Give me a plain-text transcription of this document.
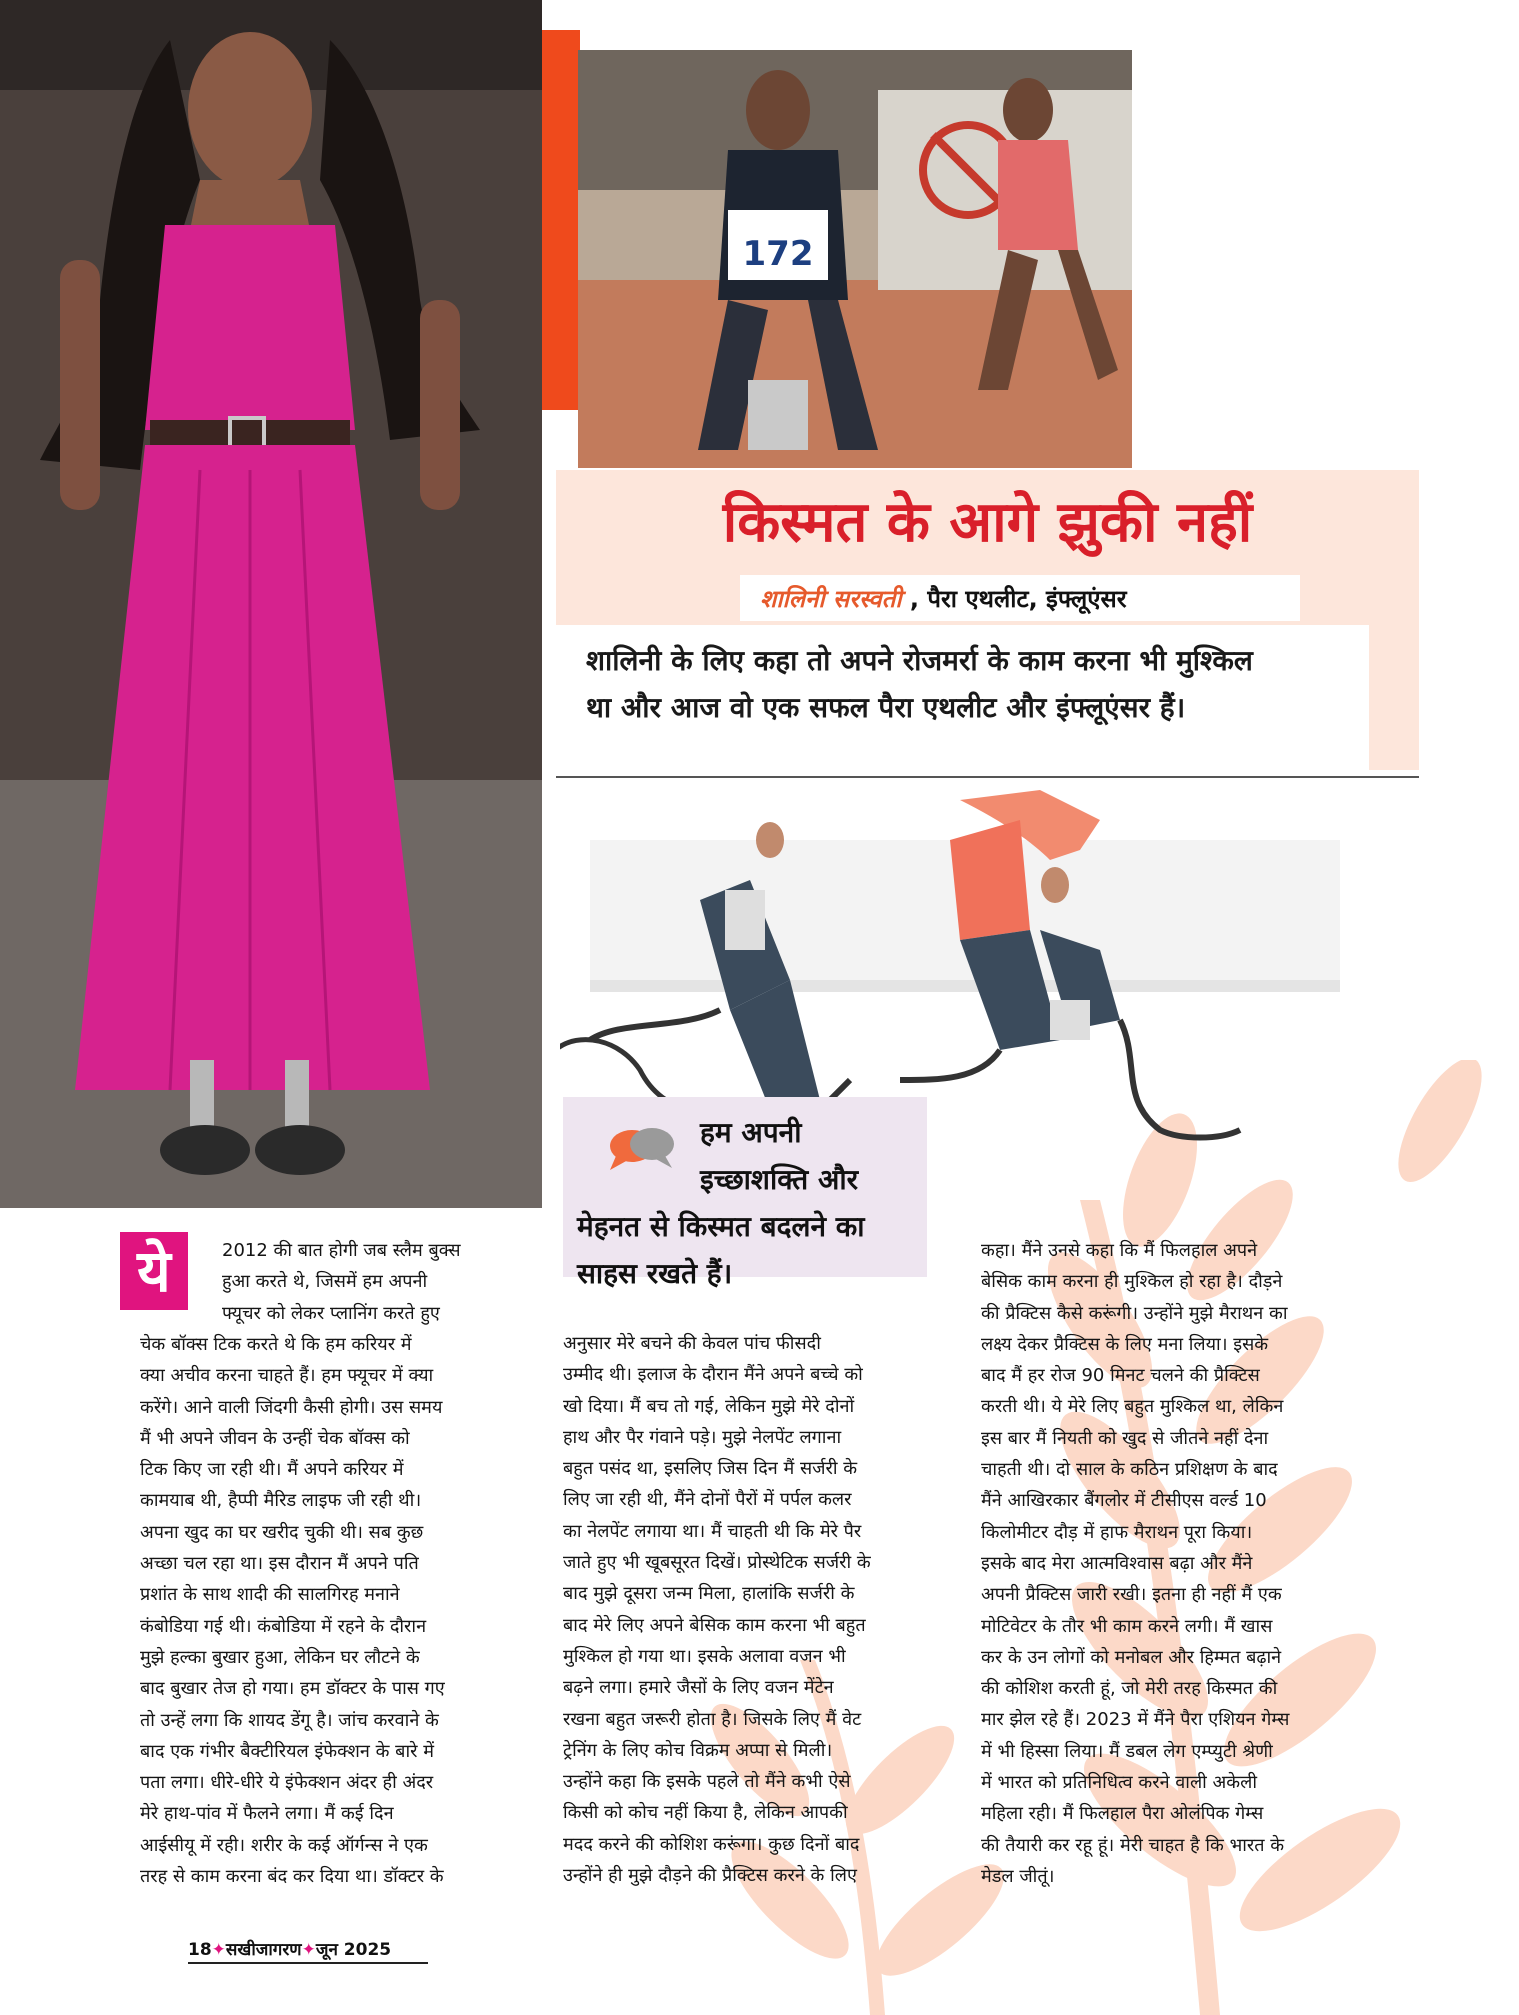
172
किस्मत के आगे झुकी नहीं
शालिनी सरस्वती , पैरा एथलीट, इंफ्लूएंसर
शालिनी के लिए कहा तो अपने रोजमर्रा के काम करना भी मुश्किल
था और आज वो एक सफल पैरा एथलीट और इंफ्लूएंसर हैं।
हम अपनी
इच्छाशक्ति और
मेहनत से किस्मत बदलने का
साहस रखते हैं।
ये	2012 की बात होगी जब स्लैम बुक्स
हुआ करते थे, जिसमें हम अपनी
फ्यूचर को लेकर प्लानिंग करते हुए
चेक बॉक्स टिक करते थे कि हम करियर में
क्या अचीव करना चाहते हैं। हम फ्यूचर में क्या
करेंगे। आने वाली जिंदगी कैसी होगी। उस समय
मैं भी अपने जीवन के उन्हीं चेक बॉक्स को
टिक किए जा रही थी। मैं अपने करियर में
कामयाब थी, हैप्पी मैरिड लाइफ जी रही थी।
अपना खुद का घर खरीद चुकी थी। सब कुछ
अच्छा चल रहा था। इस दौरान मैं अपने पति
प्रशांत के साथ शादी की सालगिरह मनाने
कंबोडिया गई थी। कंबोडिया में रहने के दौरान
मुझे हल्का बुखार हुआ, लेकिन घर लौटने के
बाद बुखार तेज हो गया। हम डॉक्टर के पास गए
तो उन्हें लगा कि शायद डेंगू है। जांच करवाने के
बाद एक गंभीर बैक्टीरियल इंफेक्शन के बारे में
पता लगा। धीरे-धीरे ये इंफेक्शन अंदर ही अंदर
मेरे हाथ-पांव में फैलने लगा। मैं कई दिन
आईसीयू में रही। शरीर के कई ऑर्गन्स ने एक
तरह से काम करना बंद कर दिया था। डॉक्टर के
अनुसार मेरे बचने की केवल पांच फीसदी
उम्मीद थी। इलाज के दौरान मैंने अपने बच्चे को
खो दिया। मैं बच तो गई, लेकिन मुझे मेरे दोनों
हाथ और पैर गंवाने पड़े। मुझे नेलपेंट लगाना
बहुत पसंद था, इसलिए जिस दिन मैं सर्जरी के
लिए जा रही थी, मैंने दोनों पैरों में पर्पल कलर
का नेलपेंट लगाया था। मैं चाहती थी कि मेरे पैर
जाते हुए भी खूबसूरत दिखें। प्रोस्थेटिक सर्जरी के
बाद मुझे दूसरा जन्म मिला, हालांकि सर्जरी के
बाद मेरे लिए अपने बेसिक काम करना भी बहुत
मुश्किल हो गया था। इसके अलावा वजन भी
बढ़ने लगा। हमारे जैसों के लिए वजन मेंटेन
रखना बहुत जरूरी होता है। जिसके लिए मैं वेट
ट्रेनिंग के लिए कोच विक्रम अप्पा से मिली।
उन्होंने कहा कि इसके पहले तो मैंने कभी ऐसे
किसी को कोच नहीं किया है, लेकिन आपकी
मदद करने की कोशिश करूंगा। कुछ दिनों बाद
उन्होंने ही मुझे दौड़ने की प्रैक्टिस करने के लिए
कहा। मैंने उनसे कहा कि मैं फिलहाल अपने
बेसिक काम करना ही मुश्किल हो रहा है। दौड़ने
की प्रैक्टिस कैसे करूंगी। उन्होंने मुझे मैराथन का
लक्ष्य देकर प्रैक्टिस के लिए मना लिया। इसके
बाद मैं हर रोज 90 मिनट चलने की प्रैक्टिस
करती थी। ये मेरे लिए बहुत मुश्किल था, लेकिन
इस बार मैं नियती को खुद से जीतने नहीं देना
चाहती थी। दो साल के कठिन प्रशिक्षण के बाद
मैंने आखिरकार बैंगलोर में टीसीएस वर्ल्ड 10
किलोमीटर दौड़ में हाफ मैराथन पूरा किया।
इसके बाद मेरा आत्मविश्वास बढ़ा और मैंने
अपनी प्रैक्टिस जारी रखी। इतना ही नहीं मैं एक
मोटिवेटर के तौर भी काम करने लगी। मैं खास
कर के उन लोगों को मनोबल और हिम्मत बढ़ाने
की कोशिश करती हूं, जो मेरी तरह किस्मत की
मार झेल रहे हैं। 2023 में मैंने पैरा एशियन गेम्स
में भी हिस्सा लिया। मैं डबल लेग एम्प्युटी श्रेणी
में भारत को प्रतिनिधित्व करने वाली अकेली
महिला रही। मैं फिलहाल पैरा ओलंपिक गेम्स
की तैयारी कर रहू हूं। मेरी चाहत है कि भारत के
मेडल जीतूं।
18✦सखीजागरण✦जून 2025
